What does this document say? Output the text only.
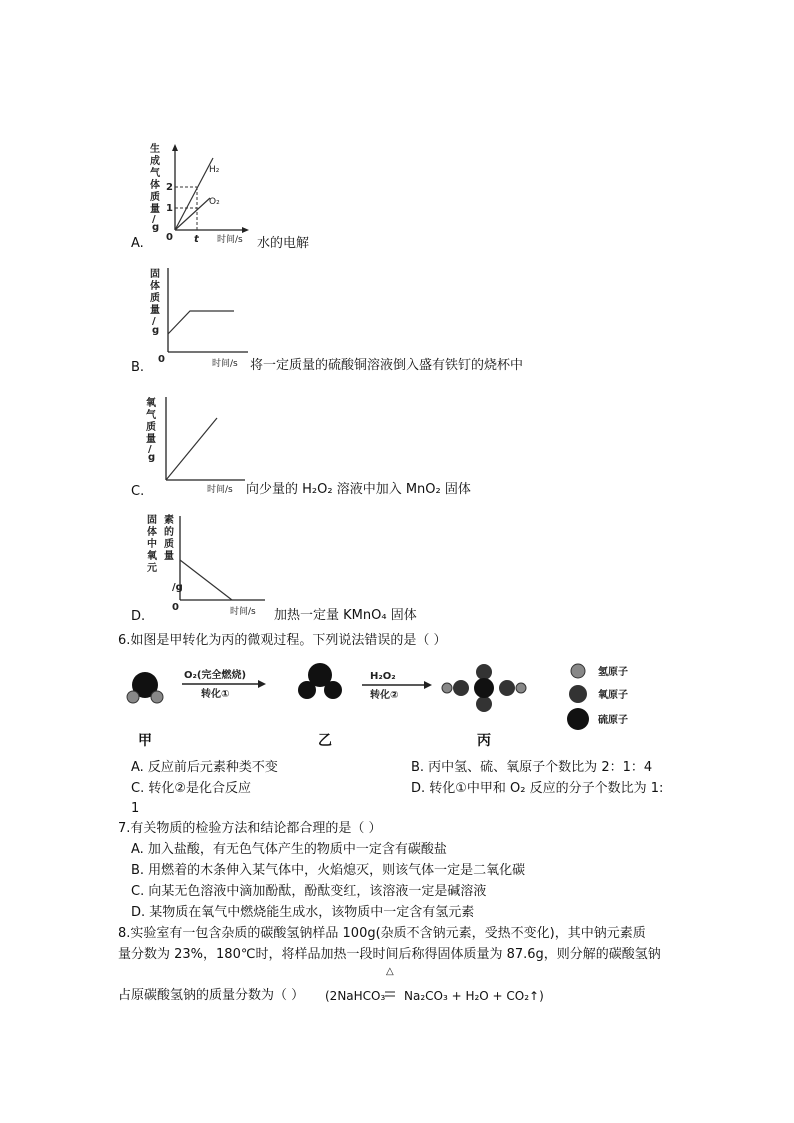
生
成
气
体
质
量
/
g
2
1
0 t 时间/s
H₂
O₂
A.	水的电解
固
体
质
量
/
g
0	时间/s
B.	将一定质量的硫酸铜溶液倒入盛有铁钉的烧杯中
氧
气
质
量
/
g
时间/s
C.	向少量的 H₂O₂ 溶液中加入 MnO₂ 固体
固
体
中
氧
元
素
的
质
量
/g
0	时间/s
D.	加热一定量 KMnO₄ 固体
6.如图是甲转化为丙的微观过程。下列说法错误的是（ ）
O₂(完全燃烧)
转化①
H₂O₂
转化②
氢原子
氧原子
硫原子
甲	乙	丙
A. 反应前后元素种类不变	B. 丙中氢、硫、氧原子个数比为 2：1：4
C. 转化②是化合反应	D. 转化①中甲和 O₂ 反应的分子个数比为 1:
1
7.有关物质的检验方法和结论都合理的是（ ）
A. 加入盐酸，有无色气体产生的物质中一定含有碳酸盐
B. 用燃着的木条伸入某气体中，火焰熄灭，则该气体一定是二氧化碳
C. 向某无色溶液中滴加酚酞，酚酞变红，该溶液一定是碱溶液
D. 某物质在氧气中燃烧能生成水，该物质中一定含有氢元素
8.实验室有一包含杂质的碳酸氢钠样品 100g(杂质不含钠元素，受热不变化)，其中钠元素质
量分数为 23%，180℃时，将样品加热一段时间后称得固体质量为 87.6g，则分解的碳酸氢钠
△
占原碳酸氢钠的质量分数为（ ） (2NaHCO₃ Na₂CO₃ + H₂O + CO₂↑)
